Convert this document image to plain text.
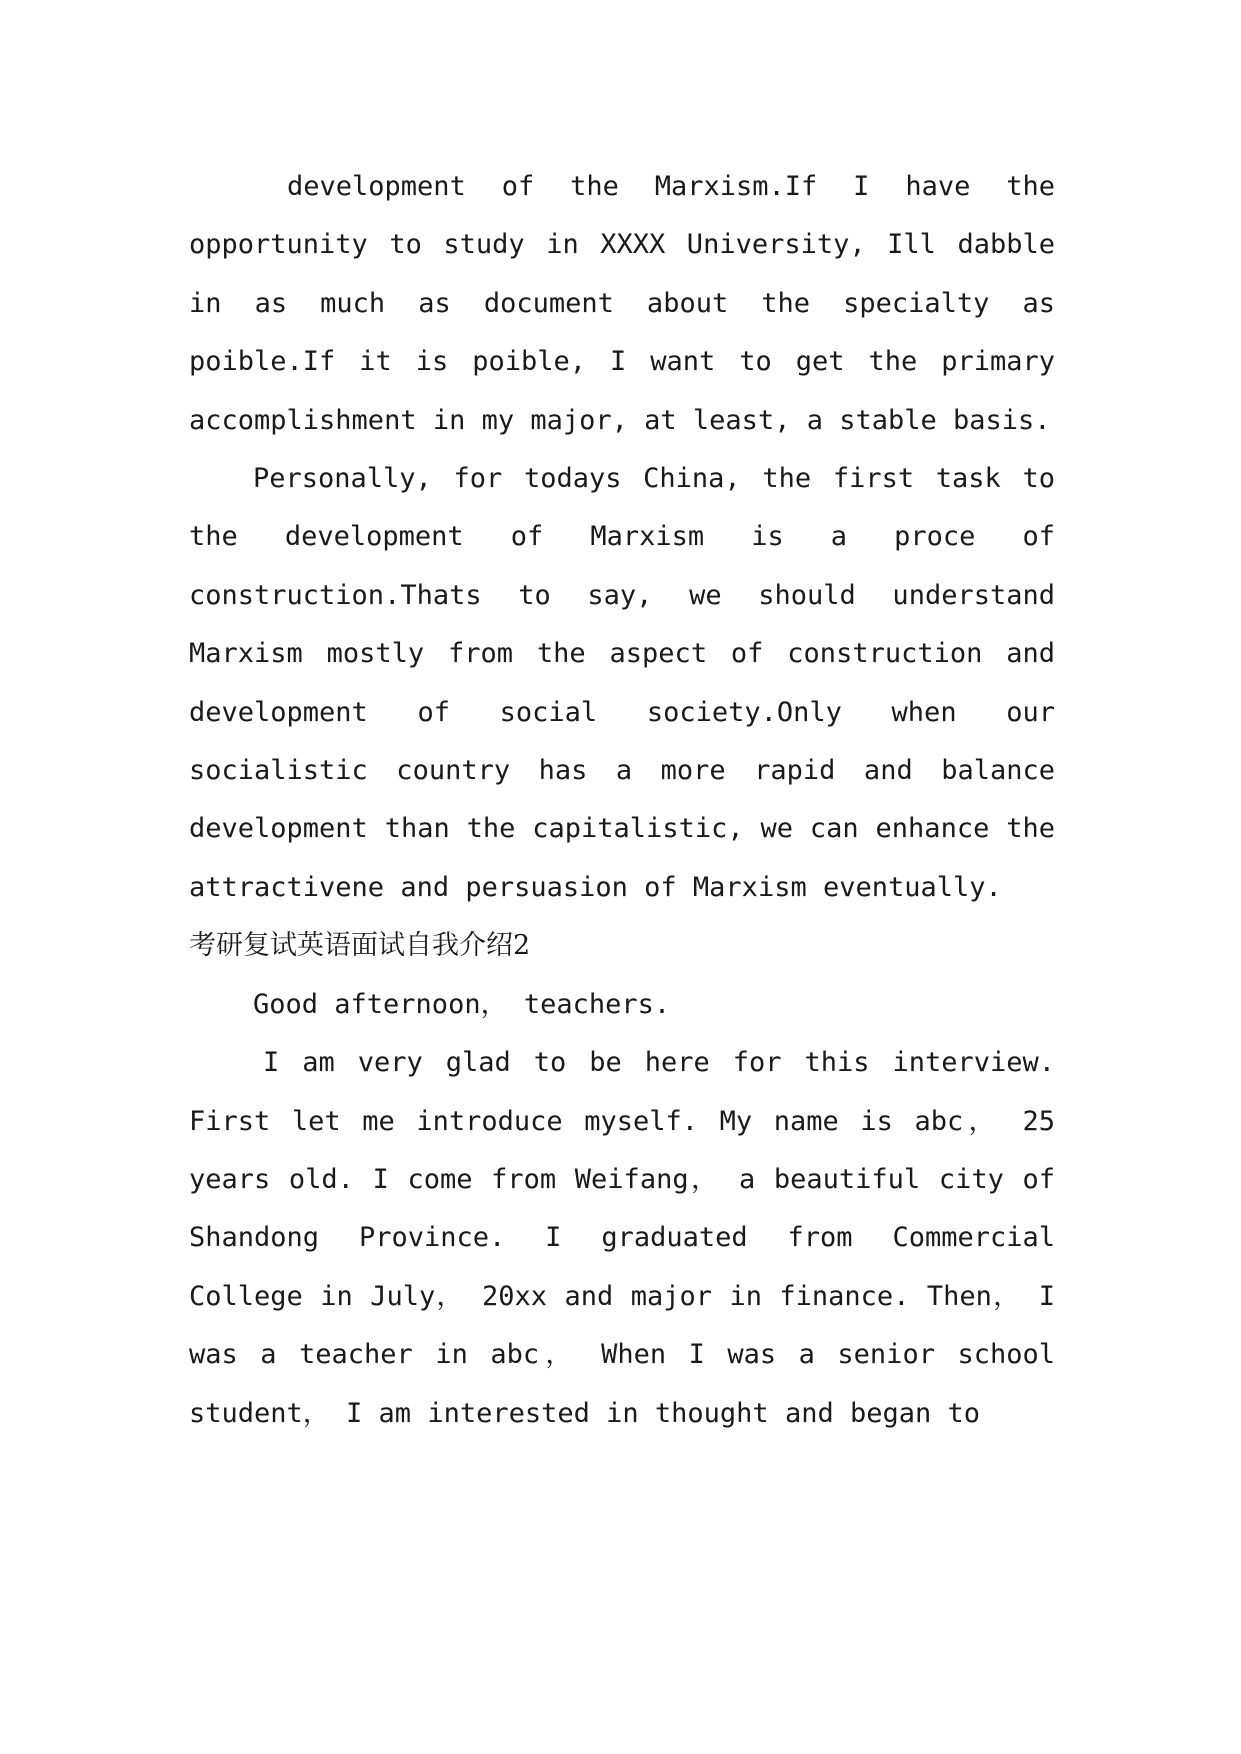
development of the Marxism.If I have the opportunity to study in XXXX University, Ill dabble in as much as document about the specialty as poible.If it is poible, I want to get the primary accomplishment in my major, at least, a stable basis.

Personally, for todays China, the first task to the development of Marxism is a proce of construction.Thats to say, we should understand Marxism mostly from the aspect of construction and development of social society.Only when our socialistic country has a more rapid and balance development than the capitalistic, we can enhance the attractivene and persuasion of Marxism eventually.

考研复试英语面试自我介绍2

Good afternoon， teachers.

I am very glad to be here for this interview. First let me introduce myself. My name is abc， 25 years old. I come from Weifang， a beautiful city of Shandong Province. I graduated from Commercial College in July， 20xx and major in finance. Then， I was a teacher in abc， When I was a senior school student， I am interested in thought and began to
